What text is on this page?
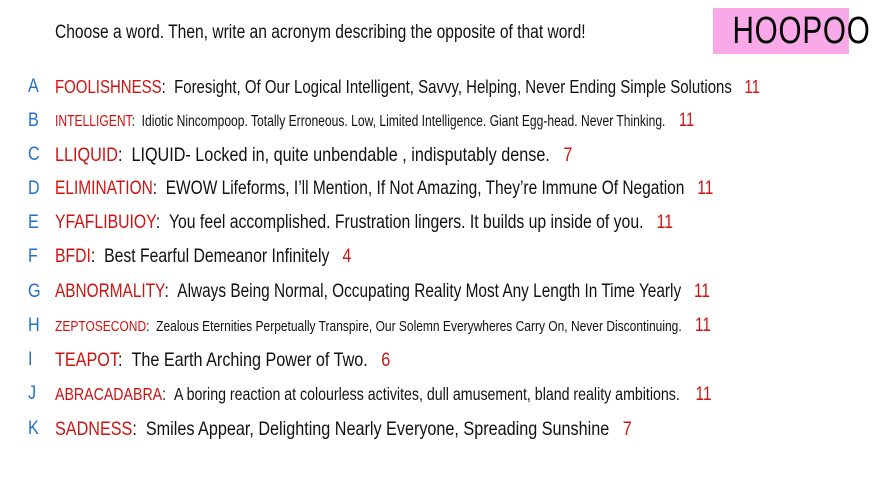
Choose a word. Then, write an acronym describing the opposite of that word!	HOOPOO
A FOOLISHNESS:  Foresight, Of Our Logical Intelligent, Savvy, Helping, Never Ending Simple Solutions 11
B INTELLIGENT:  Idiotic Nincompoop. Totally Erroneous. Low, Limited Intelligence. Giant Egg-head. Never Thinking. 11
C LLIQUID:  LIQUID- Locked in, quite unbendable , indisputably dense. 7
D ELIMINATION:  EWOW Lifeforms, I’ll Mention, If Not Amazing, They’re Immune Of Negation 11
E YFAFLIBUIOY:  You feel accomplished. Frustration lingers. It builds up inside of you. 11
F BFDI:  Best Fearful Demeanor Infinitely 4
G ABNORMALITY:  Always Being Normal, Occupating Reality Most Any Length In Time Yearly 11
H ZEPTOSECOND:  Zealous Eternities Perpetually Transpire, Our Solemn Everywheres Carry On, Never Discontinuing. 11
I TEAPOT:  The Earth Arching Power of Two. 6
J ABRACADABRA:  A boring reaction at colourless activites, dull amusement, bland reality ambitions. 11
K SADNESS:  Smiles Appear, Delighting Nearly Everyone, Spreading Sunshine 7
